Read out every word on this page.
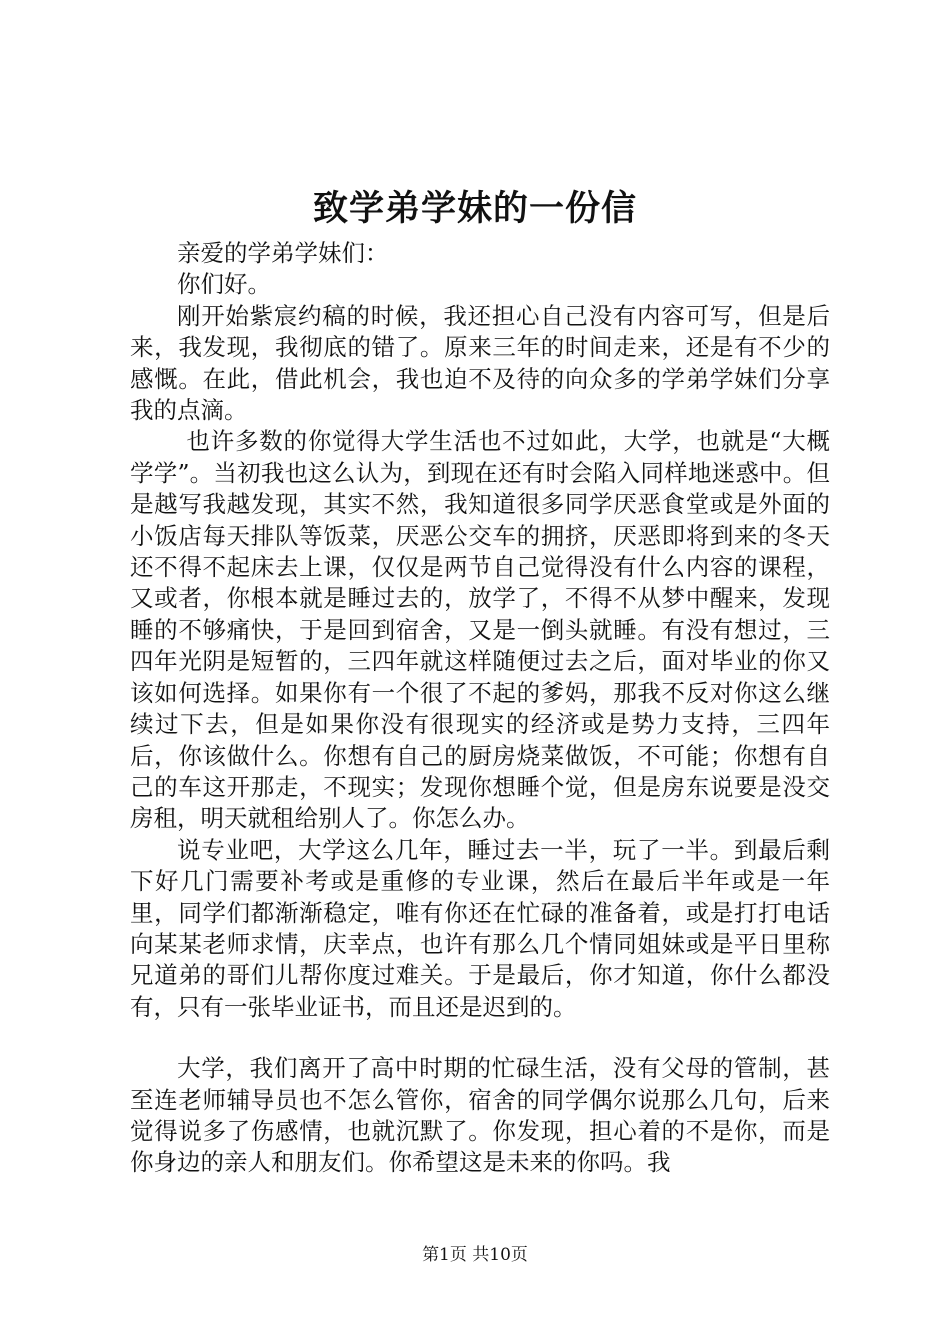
致学弟学妹的一份信

亲爱的学弟学妹们：

你们好。

刚开始紫宸约稿的时候，我还担心自己没有内容可写，但是后来，我发现，我彻底的错了。原来三年的时间走来，还是有不少的感慨。在此，借此机会，我也迫不及待的向众多的学弟学妹们分享我的点滴。

也许多数的你觉得大学生活也不过如此，大学，也就是“大概学学”。当初我也这么认为，到现在还有时会陷入同样地迷惑中。但是越写我越发现，其实不然，我知道很多同学厌恶食堂或是外面的小饭店每天排队等饭菜，厌恶公交车的拥挤，厌恶即将到来的冬天还不得不起床去上课，仅仅是两节自己觉得没有什么内容的课程，又或者，你根本就是睡过去的，放学了，不得不从梦中醒来，发现睡的不够痛快，于是回到宿舍，又是一倒头就睡。有没有想过，三四年光阴是短暂的，三四年就这样随便过去之后，面对毕业的你又该如何选择。如果你有一个很了不起的爹妈，那我不反对你这么继续过下去，但是如果你没有很现实的经济或是势力支持，三四年后，你该做什么。你想有自己的厨房烧菜做饭，不可能；你想有自己的车这开那走，不现实；发现你想睡个觉，但是房东说要是没交房租，明天就租给别人了。你怎么办。

说专业吧，大学这么几年，睡过去一半，玩了一半。到最后剩下好几门需要补考或是重修的专业课，然后在最后半年或是一年里，同学们都渐渐稳定，唯有你还在忙碌的准备着，或是打打电话向某某老师求情，庆幸点，也许有那么几个情同姐妹或是平日里称兄道弟的哥们儿帮你度过难关。于是最后，你才知道，你什么都没有，只有一张毕业证书，而且还是迟到的。

大学，我们离开了高中时期的忙碌生活，没有父母的管制，甚至连老师辅导员也不怎么管你，宿舍的同学偶尔说那么几句，后来觉得说多了伤感情，也就沉默了。你发现，担心着的不是你，而是你身边的亲人和朋友们。你希望这是未来的你吗。我

第1页 共10页
